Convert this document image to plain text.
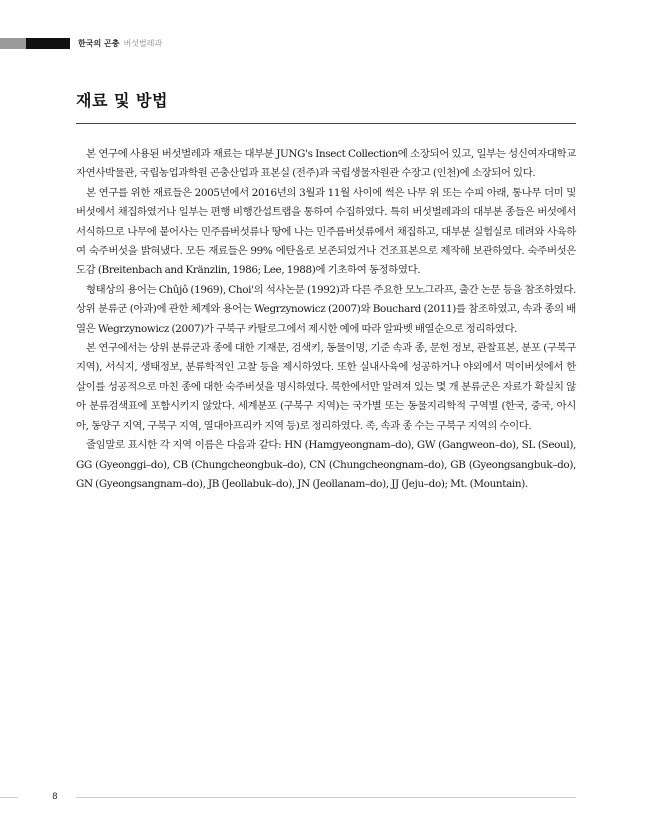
한국의 곤충 버섯벌레과
재료 및 방법

본 연구에 사용된 버섯벌레과 재료는 대부분 JUNG's Insect Collection에 소장되어 있고, 일부는 성신여자대학교 자연사박물관, 국립농업과학원 곤충산업과 표본실 (전주)과 국립생물자원관 수장고 (인천)에 소장되어 있다.

본 연구를 위한 재료들은 2005년에서 2016년의 3월과 11월 사이에 썩은 나무 위 또는 수피 아래, 통나무 더미 및 버섯에서 채집하였거나 일부는 편행 비행간섭트랩을 통하여 수집하였다. 특히 버섯벌레과의 대부분 종들은 버섯에서 서식하므로 나무에 붙어사는 민주름버섯류나 땅에 나는 민주름버섯류에서 채집하고, 대부분 실험실로 데려와 사육하여 숙주버섯을 밝혀냈다. 모든 재료들은 99% 에탄올로 보존되었거나 건조표본으로 제작해 보관하였다. 숙주버섯은 도감 (Breitenbach and Kränzlin, 1986; Lee, 1988)에 기초하여 동정하였다.

형태상의 용어는 Chûjô (1969), Choi'의 석사논문 (1992)과 다른 주요한 모노그라프, 출간 논문 등을 참조하였다. 상위 분류군 (아과)에 관한 체계와 용어는 Wegrzynowicz (2007)와 Bouchard (2011)를 참조하였고, 속과 종의 배열은 Wegrzynowicz (2007)가 구북구 카탈로그에서 제시한 예에 따라 알파벳 배열순으로 정리하였다.

본 연구에서는 상위 분류군과 종에 대한 기재문, 검색키, 동물이명, 기준 속과 종, 문헌 정보, 관찰표본, 분포 (구북구 지역), 서식지, 생태정보, 분류학적인 고찰 등을 제시하였다. 또한 실내사육에 성공하거나 야외에서 먹이버섯에서 한살이를 성공적으로 마친 종에 대한 숙주버섯을 명시하였다. 북한에서만 알려져 있는 몇 개 분류군은 자료가 확실치 않아 분류검색표에 포함시키지 않았다. 세계분포 (구북구 지역)는 국가별 또는 동물지리학적 구역별 (한국, 중국, 아시아, 동양구 지역, 구북구 지역, 열대아프리카 지역 등)로 정리하였다. 족, 속과 종 수는 구북구 지역의 수이다.

줄임말로 표시한 각 지역 이름은 다음과 같다: HN (Hamgyeongnam–do), GW (Gangweon–do), SL (Seoul), GG (Gyeonggi–do), CB (Chungcheongbuk–do), CN (Chungcheongnam–do), GB (Gyeongsangbuk–do), GN (Gyeongsangnam–do), JB (Jeollabuk–do), JN (Jeollanam–do), JJ (Jeju–do); Mt. (Mountain).

8
